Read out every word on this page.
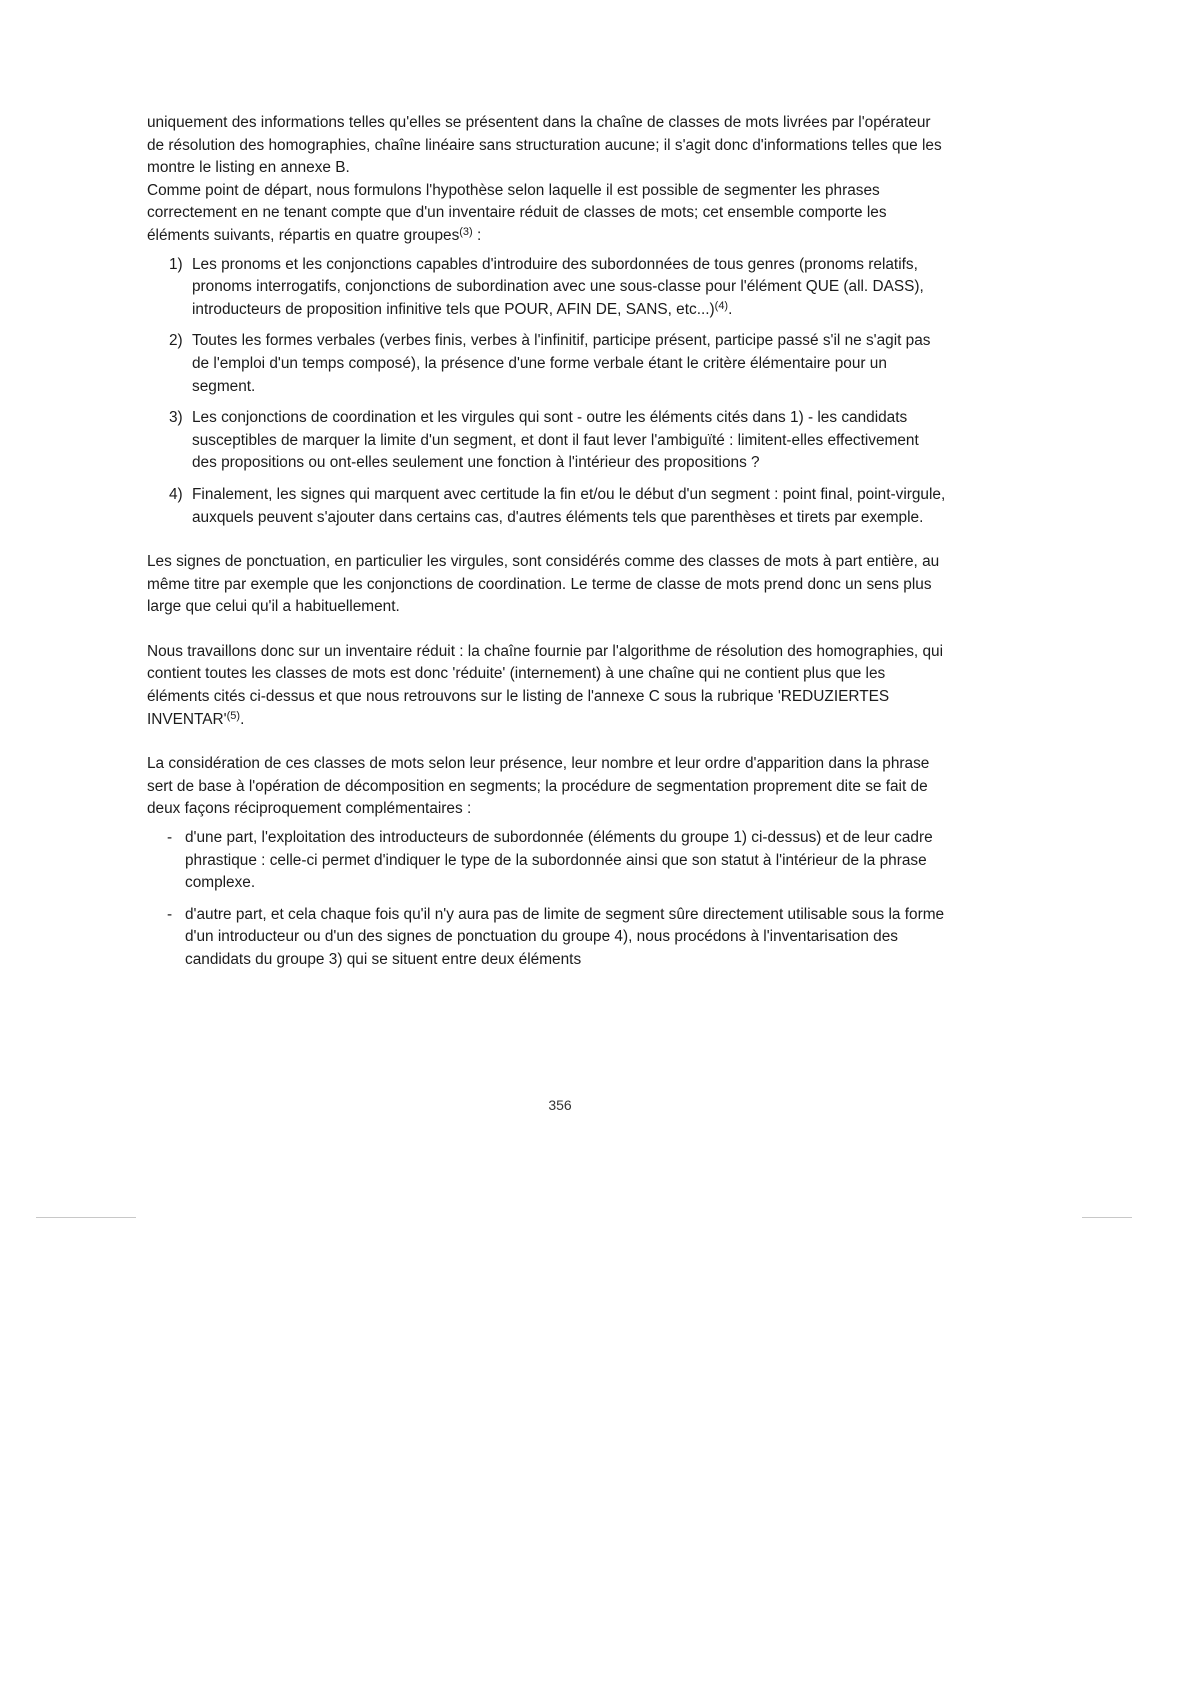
uniquement des informations telles qu'elles se présentent dans la chaîne de classes de mots livrées par l'opérateur de résolution des homographies, chaîne linéaire sans structuration aucune; il s'agit donc d'informations telles que les montre le listing en annexe B.

Comme point de départ, nous formulons l'hypothèse selon laquelle il est possible de segmenter les phrases correctement en ne tenant compte que d'un inventaire réduit de classes de mots; cet ensemble comporte les éléments suivants, répartis en quatre groupes$^{(3)}$ :

1) Les pronoms et les conjonctions capables d'introduire des subordonnées de tous genres (pronoms relatifs, pronoms interrogatifs, conjonctions de subordination avec une sous-classe pour l'élément QUE (all. DASS), introducteurs de proposition infinitive tels que POUR, AFIN DE, SANS, etc...)$^{(4)}$.
2) Toutes les formes verbales (verbes finis, verbes à l'infinitif, participe présent, participe passé s'il ne s'agit pas de l'emploi d'un temps composé), la présence d'une forme verbale étant le critère élémentaire pour un segment.
3) Les conjonctions de coordination et les virgules qui sont - outre les éléments cités dans 1) - les candidats susceptibles de marquer la limite d'un segment, et dont il faut lever l'ambiguïté : limitent-elles effectivement des propositions ou ont-elles seulement une fonction à l'intérieur des propositions ?
4) Finalement, les signes qui marquent avec certitude la fin et/ou le début d'un segment : point final, point-virgule, auxquels peuvent s'ajouter dans certains cas, d'autres éléments tels que parenthèses et tirets par exemple.

Les signes de ponctuation, en particulier les virgules, sont considérés comme des classes de mots à part entière, au même titre par exemple que les conjonctions de coordination. Le terme de classe de mots prend donc un sens plus large que celui qu'il a habituellement.

Nous travaillons donc sur un inventaire réduit : la chaîne fournie par l'algorithme de résolution des homographies, qui contient toutes les classes de mots est donc 'réduite' (internement) à une chaîne qui ne contient plus que les éléments cités ci-dessus et que nous retrouvons sur le listing de l'annexe C sous la rubrique 'REDUZIERTES $INVENTAR'^{(5)}$.

La considération de ces classes de mots selon leur présence, leur nombre et leur ordre d'apparition dans la phrase sert de base à l'opération de décomposition en segments; la procédure de segmentation proprement dite se fait de deux façons réciproquement complémentaires :

- d'une part, l'exploitation des introducteurs de subordonnée (éléments du groupe 1) ci-dessus) et de leur cadre phrastique : celle-ci permet d'indiquer le type de la subordonnée ainsi que son statut à l'intérieur de la phrase complexe.
- d'autre part, et cela chaque fois qu'il n'y aura pas de limite de segment sûre directement utilisable sous la forme d'un introducteur ou d'un des signes de ponctuation du groupe 4), nous procédons à l'inventarisation des candidats du groupe 3) qui se situent entre deux éléments
356
